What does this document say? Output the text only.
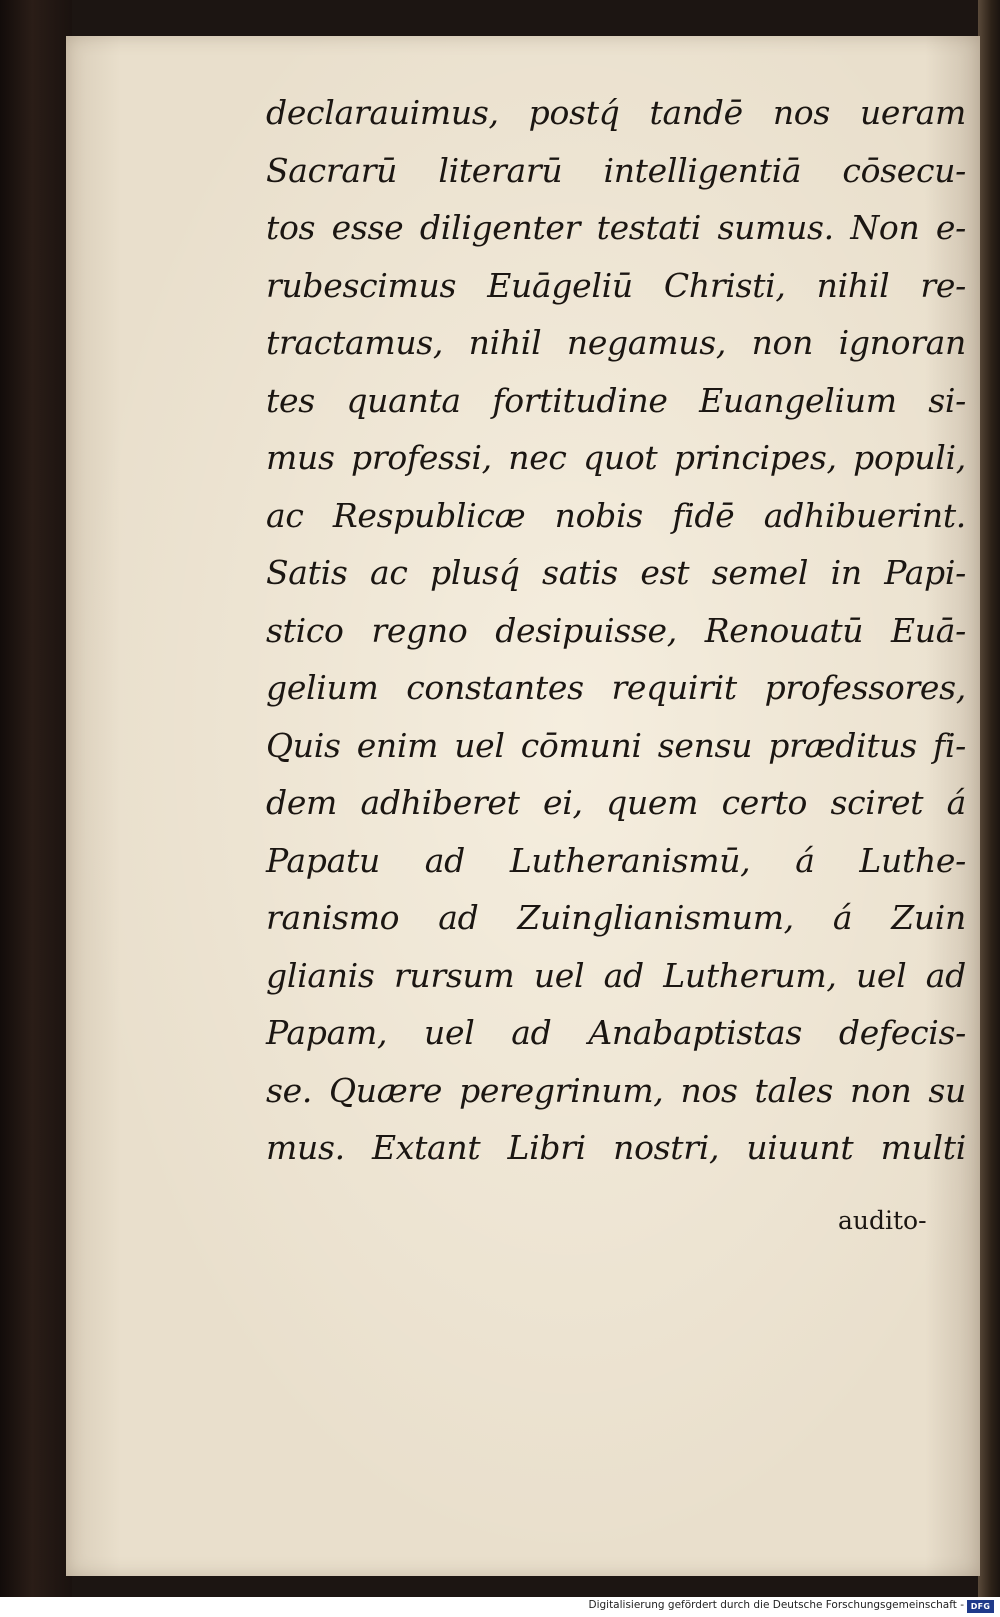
declarauimus, postq́ tandē nos ueram
Sacrarū literarū intelligentiā cōsecu-
tos esse diligenter testati sumus. Non e-
rubescimus Euāgeliū Christi, nihil re-
tractamus, nihil negamus, non ignoran
tes quanta fortitudine Euangelium si-
mus professi, nec quot principes, populi,
ac Respublicæ nobis fidē adhibuerint.
Satis ac plusq́ satis est semel in Papi-
stico regno desipuisse, Renouatū Euā-
gelium constantes requirit professores,
Quis enim uel cōmuni sensu præditus fi-
dem adhiberet ei, quem certo sciret á
Papatu ad Lutheranismū, á Luthe-
ranismo ad Zuinglianismum, á Zuin
glianis rursum uel ad Lutherum, uel ad
Papam, uel ad Anabaptistas defecis-
se. Quære peregrinum, nos tales non su
mus. Extant Libri nostri, uiuunt multi
audito-
Digitalisierung gefördert durch die Deutsche Forschungsgemeinschaft - DFG
